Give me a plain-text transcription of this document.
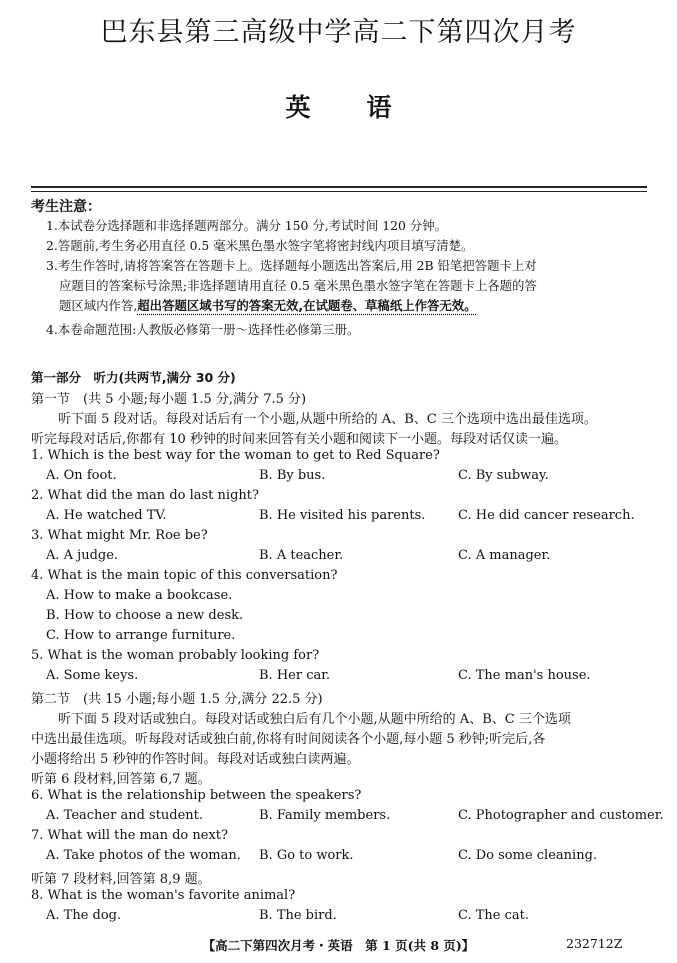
巴东县第三高级中学高二下第四次月考
英语
考生注意：
1.本试卷分选择题和非选择题两部分。满分 150 分,考试时间 120 分钟。
2.答题前,考生务必用直径 0.5 毫米黑色墨水签字笔将密封线内项目填写清楚。
3.考生作答时,请将答案答在答题卡上。选择题每小题选出答案后,用 2B 铅笔把答题卡上对
应题目的答案标号涂黑;非选择题请用直径 0.5 毫米黑色墨水签字笔在答题卡上各题的答
题区域内作答,超出答题区域书写的答案无效,在试题卷、草稿纸上作答无效。
4.本卷命题范围:人教版必修第一册～选择性必修第三册。
第一部分　听力(共两节,满分 30 分)
第一节　(共 5 小题;每小题 1.5 分,满分 7.5 分)
听下面 5 段对话。每段对话后有一个小题,从题中所给的 A、B、C 三个选项中选出最佳选项。
听完每段对话后,你都有 10 秒钟的时间来回答有关小题和阅读下一小题。每段对话仅读一遍。
1. Which is the best way for the woman to get to Red Square?
A. On foot.	B. By bus.	C. By subway.
2. What did the man do last night?
A. He watched TV.	B. He visited his parents.	C. He did cancer research.
3. What might Mr. Roe be?
A. A judge.	B. A teacher.	C. A manager.
4. What is the main topic of this conversation?
A. How to make a bookcase.
B. How to choose a new desk.
C. How to arrange furniture.
5. What is the woman probably looking for?
A. Some keys.	B. Her car.	C. The man's house.
第二节　(共 15 小题;每小题 1.5 分,满分 22.5 分)
听下面 5 段对话或独白。每段对话或独白后有几个小题,从题中所给的 A、B、C 三个选项
中选出最佳选项。听每段对话或独白前,你将有时间阅读各个小题,每小题 5 秒钟;听完后,各
小题将给出 5 秒钟的作答时间。每段对话或独白读两遍。
听第 6 段材料,回答第 6,7 题。
6. What is the relationship between the speakers?
A. Teacher and student.	B. Family members.	C. Photographer and customer.
7. What will the man do next?
A. Take photos of the woman. B. Go to work.	C. Do some cleaning.
听第 7 段材料,回答第 8,9 题。
8. What is the woman's favorite animal?
A. The dog.	B. The bird.	C. The cat.
【高二下第四次月考・英语　第 1 页(共 8 页)】	232712Z
